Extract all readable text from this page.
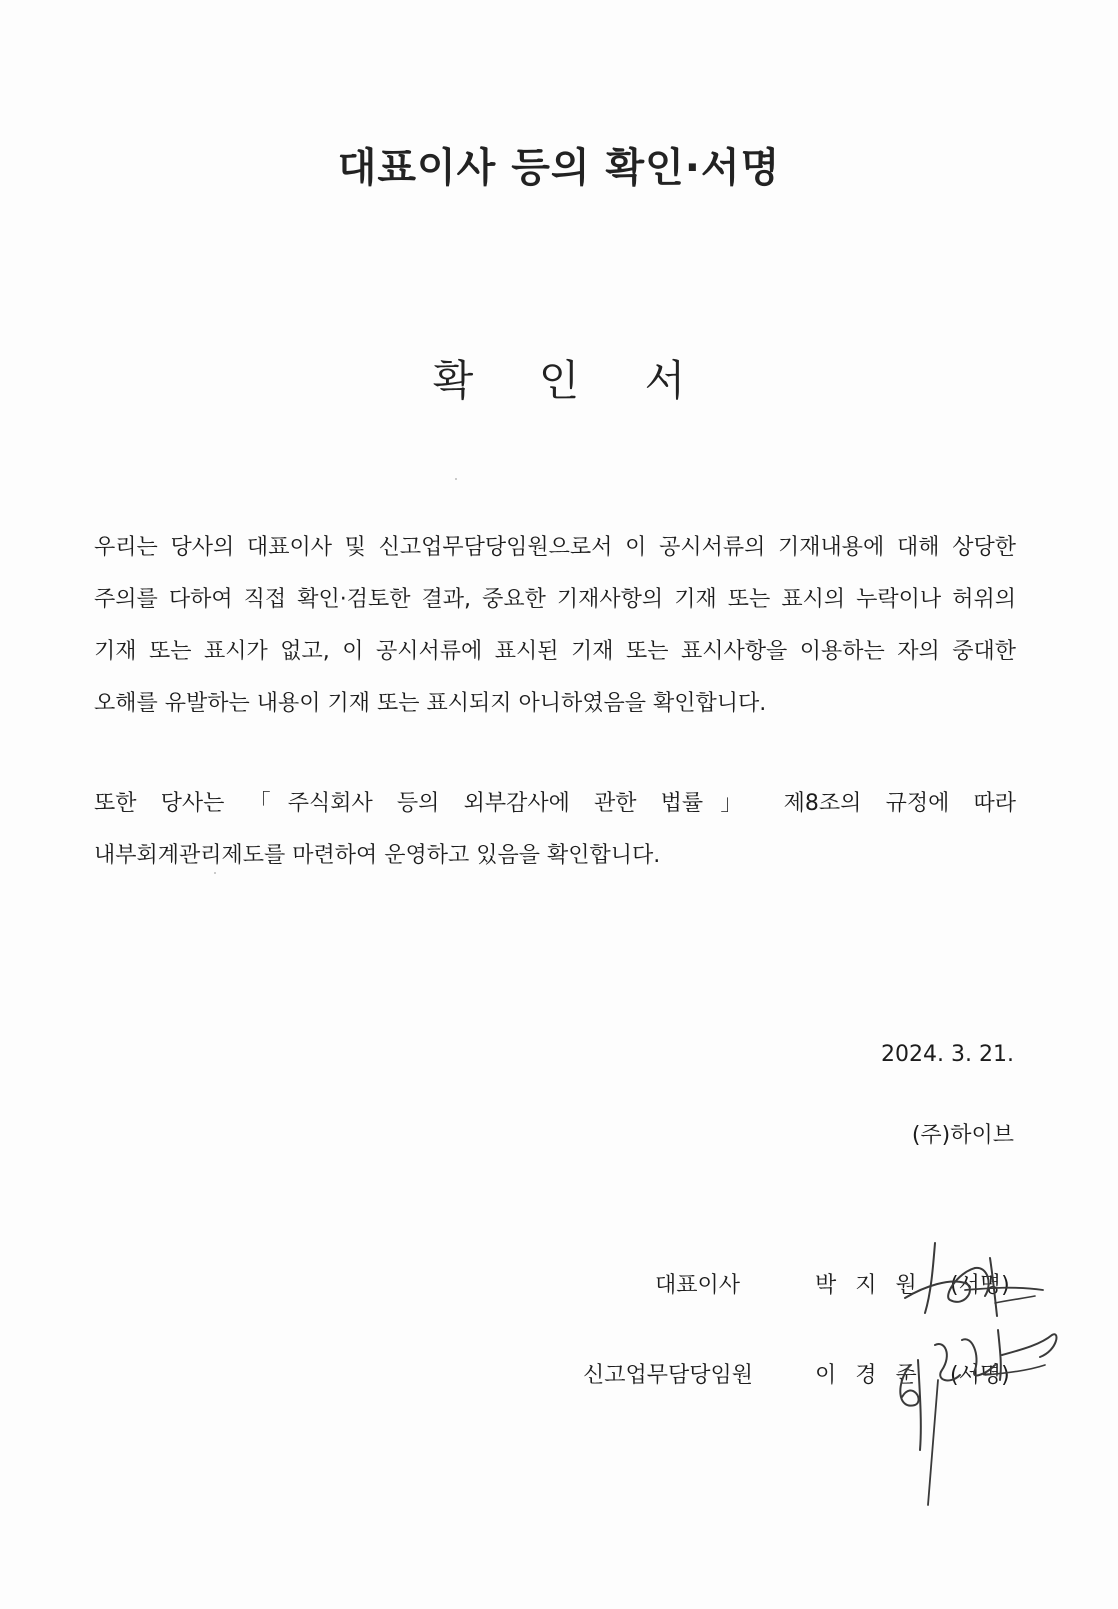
대표이사 등의 확인·서명
확 인 서
우리는 당사의 대표이사 및 신고업무담당임원으로서 이 공시서류의 기재내용에 대해 상당한
주의를 다하여 직접 확인·검토한 결과, 중요한 기재사항의 기재 또는 표시의 누락이나 허위의
기재 또는 표시가 없고, 이 공시서류에 표시된 기재 또는 표시사항을 이용하는 자의 중대한
오해를 유발하는 내용이 기재 또는 표시되지 아니하였음을 확인합니다.
또한 당사는 「주식회사 등의 외부감사에 관한 법률」 제8조의 규정에 따라
내부회계관리제도를 마련하여 운영하고 있음을 확인합니다.
2024. 3. 21.
(주)하이브
대표이사	박 지 원 (서명)
신고업무담당임원	이 경 준 (서명)
